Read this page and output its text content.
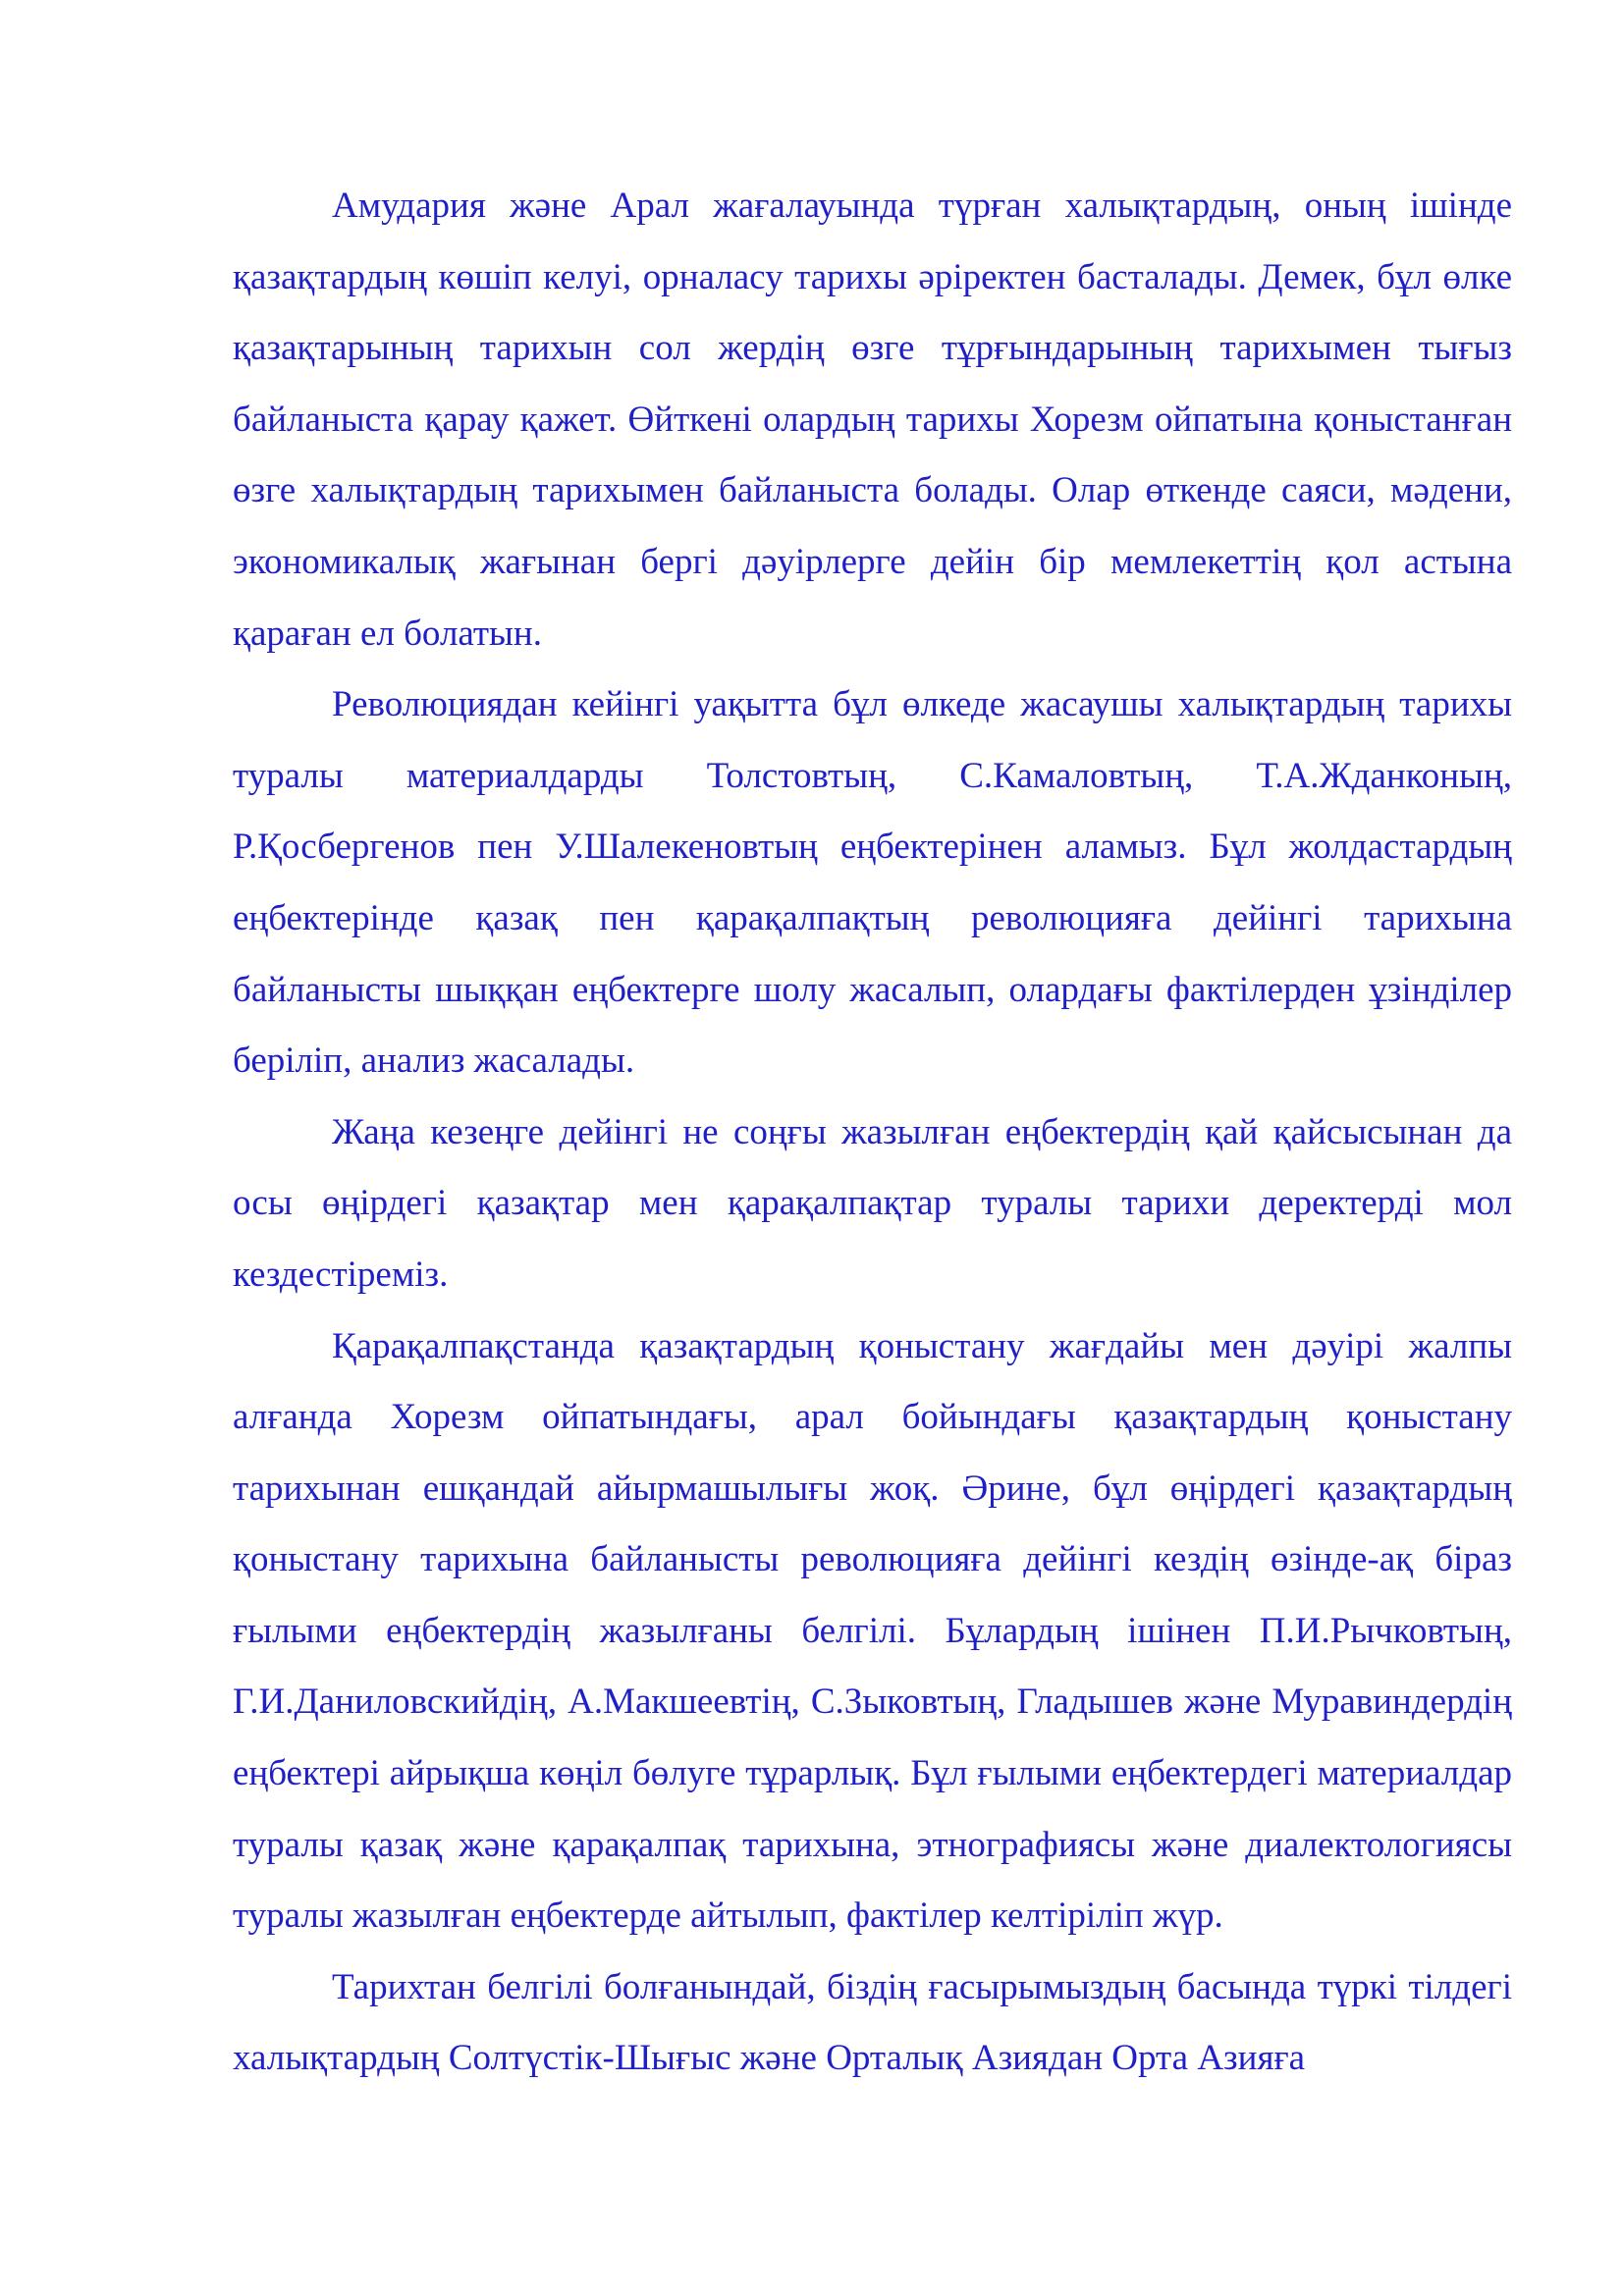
Амудария және Арал жағалауында түрған халықтардың, оның ішінде қазақтардың көшіп келуі, орналасу тарихы әріректен басталады. Демек, бұл өлке қазақтарының тарихын сол жердің өзге тұрғындарының тарихымен тығыз байланыста қарау қажет. Өйткені олардың тарихы Хорезм ойпатына қоныстанған өзге халықтардың тарихымен байланыста болады. Олар өткенде саяси, мәдени, экономикалық жағынан бергі дәуірлерге дейін бір мемлекеттің қол астына қараған ел болатын.

Революциядан кейінгі уақытта бұл өлкеде жасаушы халықтардың тарихы туралы материалдарды Толстовтың, С.Камаловтың, Т.А.Жданконың, Р.Қосбергенов пен У.Шалекеновтың еңбектерінен аламыз. Бұл жолдастардың еңбектерінде қазақ пен қарақалпақтың революцияға дейінгі тарихына байланысты шыққан еңбектерге шолу жасалып, олардағы фактілерден ұзінділер беріліп, анализ жасалады.

Жаңа кезеңге дейінгі не соңғы жазылған еңбектердің қай қайсысынан да осы өңірдегі қазақтар мен қарақалпақтар туралы тарихи деректерді мол кездестіреміз.

Қарақалпақстанда қазақтардың қоныстану жағдайы мен дәуірі жалпы алғанда Хорезм ойпатындағы, арал бойындағы қазақтардың қоныстану тарихынан ешқандай айырмашылығы жоқ. Әрине, бұл өңірдегі қазақтардың қоныстану тарихына байланысты революцияға дейінгі кездің өзінде-ақ біраз ғылыми еңбектердің жазылғаны белгілі. Бұлардың ішінен П.И.Рычковтың, Г.И.Даниловскийдің, А.Макшеевтің, С.Зыковтың, Гладышев және Муравиндердің еңбектері айрықша көңіл бөлуге тұрарлық. Бұл ғылыми еңбектердегі материалдар туралы қазақ және қарақалпақ тарихына, этнографиясы және диалектологиясы туралы жазылған еңбектерде айтылып, фактілер келтіріліп жүр.

Тарихтан белгілі болғанындай, біздің ғасырымыздың басында түркі тілдегі халықтардың Солтүстік-Шығыс және Орталық Азиядан Орта Азияға
